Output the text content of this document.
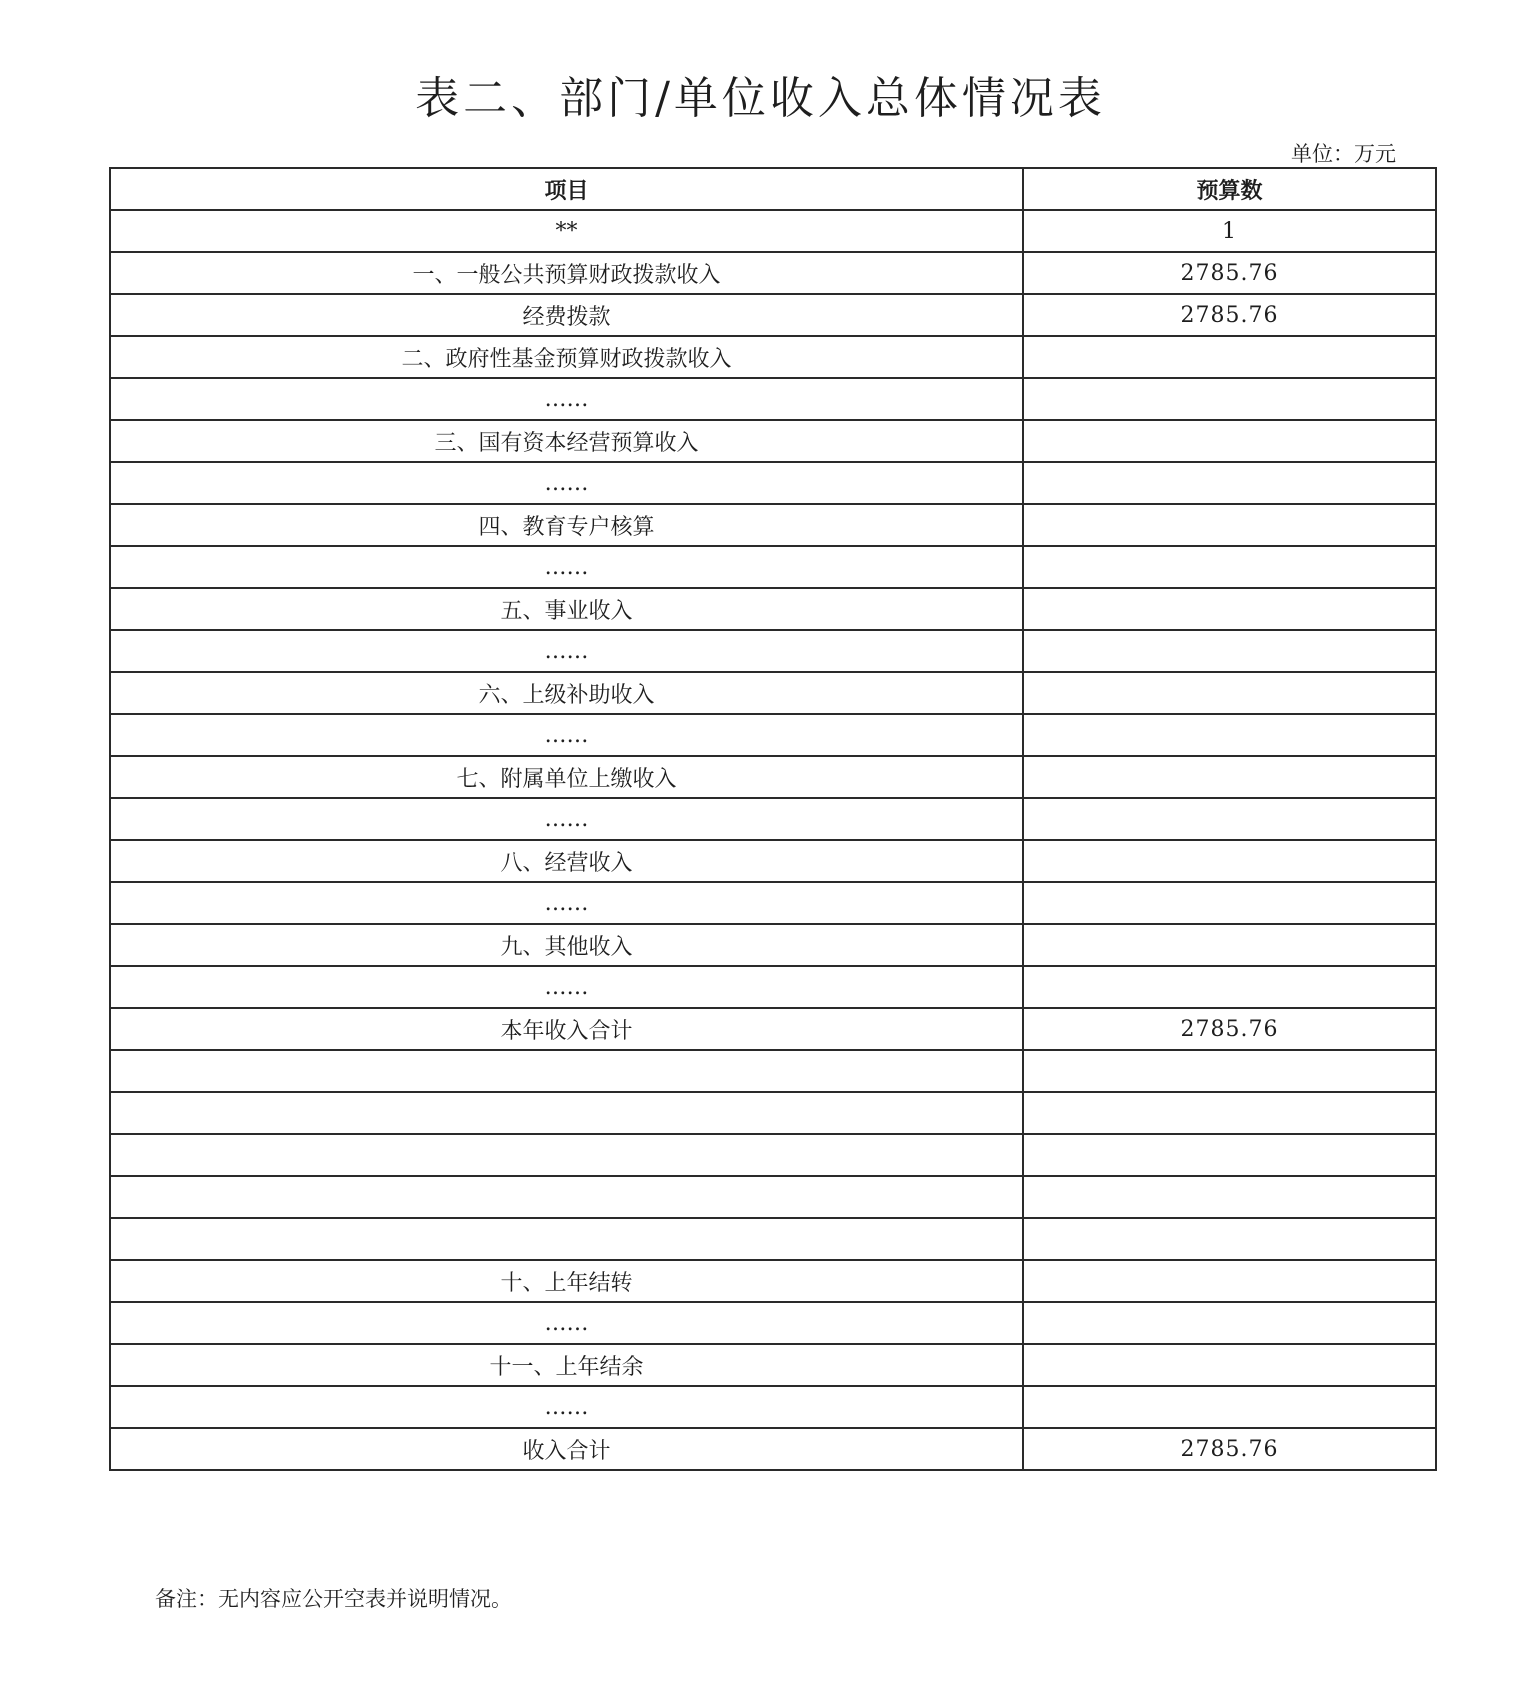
表二、部门/单位收入总体情况表
单位：万元
项目	预算数
**	1
一、一般公共预算财政拨款收入	2785.76
经费拨款	2785.76
二、政府性基金预算财政拨款收入	
……	
三、国有资本经营预算收入	
……	
四、教育专户核算	
……	
五、事业收入	
……	
六、上级补助收入	
……	
七、附属单位上缴收入	
……	
八、经营收入	
……	
九、其他收入	
……	
本年收入合计	2785.76

十、上年结转	
……	
十一、上年结余	
……	
收入合计	2785.76
备注：无内容应公开空表并说明情况。
